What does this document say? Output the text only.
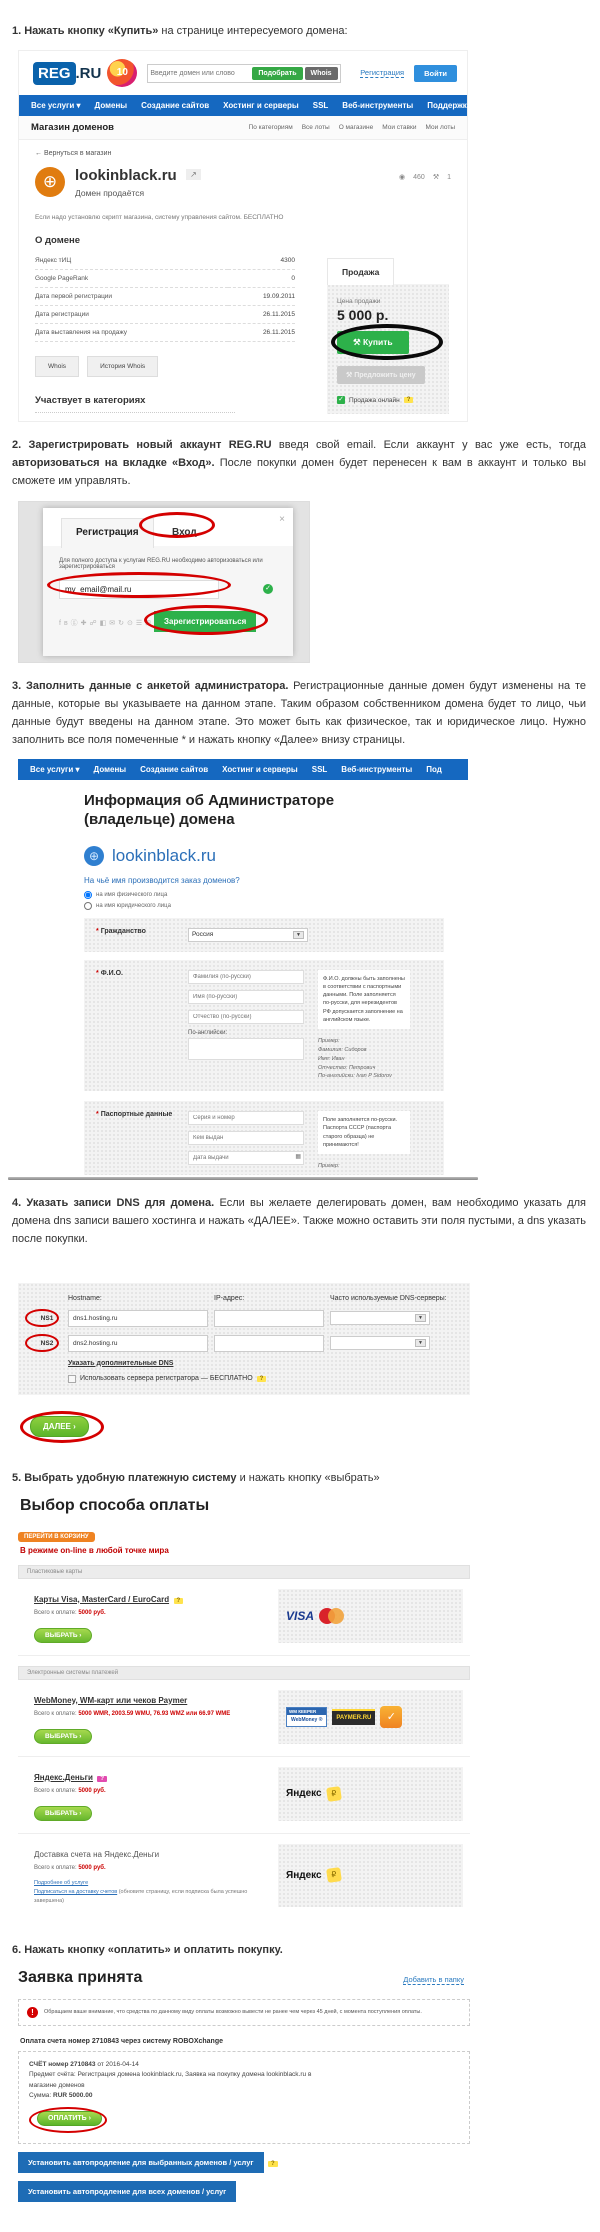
1. Нажать кнопку «Купить» на странице интересуемого домена:

REG .RU	10
Введите домен или слово	Подобрать	Whois	Регистрация	Войти
Все услуги ▾ Домены Создание сайтов Хостинг и серверы SSL Веб-инструменты Поддержка
Магазин доменов	По категориям Все лоты О магазине Мои ставки Мои лоты
← Вернуться в магазин
⊕	lookinblack.ru ↗
Домен продаётся
◉ 460 ⚒ 1
Если надо установлю скрипт магазина, систему управления сайтом. БЕСПЛАТНО
О домене
Яндекс тИЦ	4300
Google PageRank	0
Дата первой регистрации	19.09.2011
Дата регистрации	26.11.2015
Дата выставления на продажу	26.11.2015
Whois	История Whois
Участвует в категориях
Продажа
Цена продажи
5 000 р.
⚒ Купить
⚒ Предложить цену
✓ Продажа онлайн	?

2. Зарегистрировать новый аккаунт REG.RU введя свой email. Если аккаунт у вас уже есть, тогда авторизоваться на вкладке «Вход». После покупки домен будет перенесен к вам в аккаунт и только вы сможете им управлять.

Регистрация	Вход
×
Для полного доступа к услугам REG.RU необходимо авторизоваться или зарегистрироваться
my_email@mail.ru
✓
f в ⓖ ✚ ☍ ◧ ✉ ↻ ⊙ ☰ ⊞	Зарегистрироваться

3. Заполнить данные с анкетой администратора. Регистрационные данные домен будут изменены на те данные, которые вы указываете на данном этапе. Таким образом собственником домена будет то лицо, чьи данные будут введены на данном этапе. Это может быть как физическое, так и юридическое лицо. Нужно заполнить все поля помеченные * и нажать кнопку «Далее» внизу страницы.

Все услуги ▾ Домены Создание сайтов Хостинг и серверы SSL Веб-инструменты Под
Информация об Администраторе (владельце) домена
⊕ lookinblack.ru
На чьё имя производится заказ доменов?
на имя физического лица
на имя юридического лица
* Гражданство	Россия	▼
* Ф.И.О.
Фамилия (по-русски)
Имя (по-русски)
Отчество (по-русски)
По-английски:
Ф.И.О. должны быть заполнены в соответствии с паспортными данными. Поле заполняется по-русски, для нерезидентов РФ допускается заполнение на английском языке.
Пример:
Фамилия: Сидоров
Имя: Иван
Отчество: Петрович
По-английски: Ivan P Sidorov
* Паспортные данные
Серия и номер
Кем выдан
Дата выдачи
▦
Поле заполняется по-русски. Паспорта СССР (паспорта старого образца) не принимаются!
Пример:

4. Указать записи DNS для домена. Если вы желаете делегировать домен, вам необходимо указать для домена dns записи вашего хостинга и нажать «ДАЛЕЕ». Также можно оставить эти поля пустыми, а dns указать после покупки.

Hostname:	IP-адрес:	Часто используемые DNS-серверы:
NS1
dns1.hosting.ru	▼
NS2
dns2.hosting.ru	▼
Указать дополнительные DNS
Использовать сервера регистратора — БЕСПЛАТНО	?
ДАЛЕЕ ›

5. Выбрать удобную платежную систему и нажать кнопку «выбрать»

Выбор способа оплаты
ПЕРЕЙТИ В КОРЗИНУ
В режиме on-line в любой точке мира
Пластиковые карты
Карты Visa, MasterCard / EuroCard ?
Всего к оплате: 5000 руб.
ВЫБРАТЬ ›
VISA
Электронные системы платежей
WebMoney, WM-карт или чеков Paymer
Всего к оплате: 5000 WMR, 2003.59 WMU, 76.93 WMZ или 66.97 WME
ВЫБРАТЬ ›
WM КЕЕPER
WebMoney ®	PAYMER.RU	✓
Яндекс.Деньги ?
Всего к оплате: 5000 руб.
ВЫБРАТЬ ›
Яндекс	₽
Доставка счета на Яндекс.Деньги
Всего к оплате: 5000 руб.
Подробнее об услуге
Подписаться на доставку счетов (обновите страницу, если подписка была успешно завершена)
Яндекс	₽

6. Нажать кнопку «оплатить» и оплатить покупку.

Заявка принята	Добавить в папку
!	Обращаем ваше внимание, что средства по данному виду оплаты возможно вывести не ранее чем через 45 дней, с момента поступления оплаты.
Оплата счета номер 2710843 через систему ROBOXchange
СЧЁТ номер 2710843 от 2016-04-14
Предмет счёта: Регистрация домена lookinblack.ru, Заявка на покупку домена lookinblack.ru в магазине доменов
Сумма: RUR 5000.00
ОПЛАТИТЬ ›
Установить автопродление для выбранных доменов / услуг	?
Установить автопродление для всех доменов / услуг
